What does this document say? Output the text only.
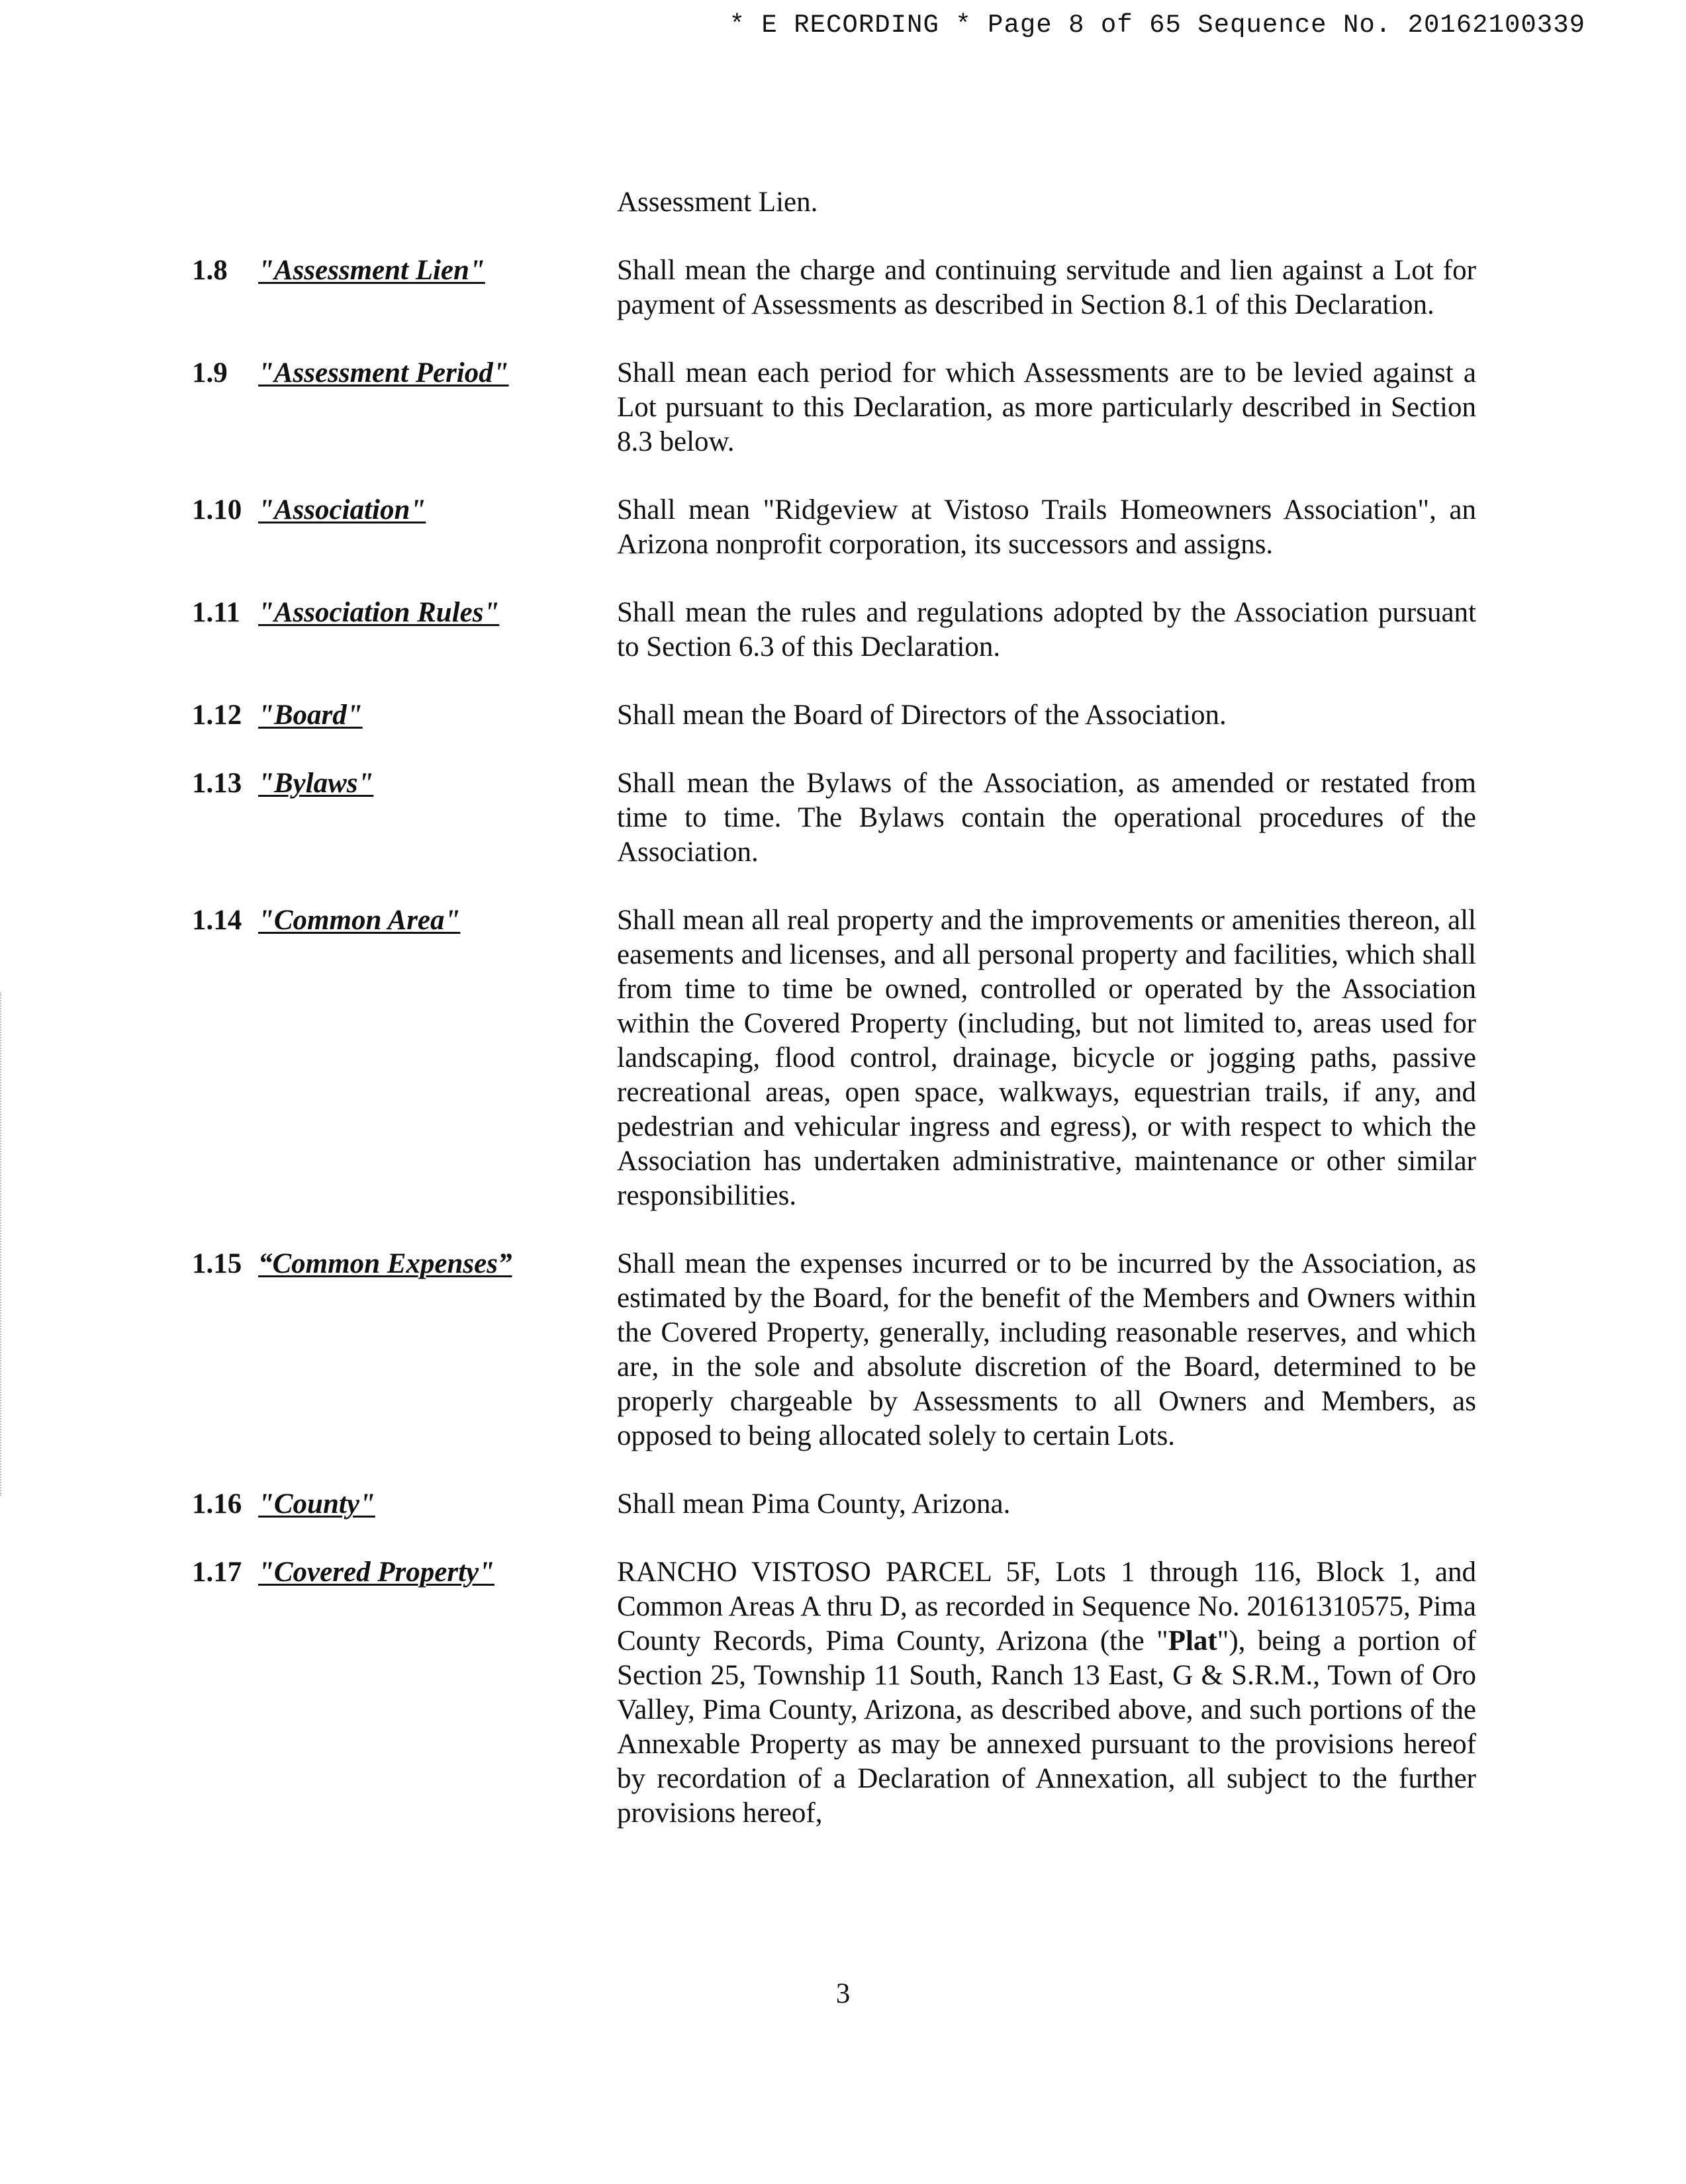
* E RECORDING * Page 8 of 65 Sequence No. 20162100339
Assessment Lien.
1.8 "Assessment Lien"	Shall mean the charge and continuing servitude and lien against a Lot for payment of Assessments as described in Section 8.1 of this Declaration.
1.9 "Assessment Period"	Shall mean each period for which Assessments are to be levied against a Lot pursuant to this Declaration, as more particularly described in Section 8.3 below.
1.10 "Association"	Shall mean "Ridgeview at Vistoso Trails Homeowners Association", an Arizona nonprofit corporation, its successors and assigns.
1.11 "Association Rules"	Shall mean the rules and regulations adopted by the Association pursuant to Section 6.3 of this Declaration.
1.12 "Board"	Shall mean the Board of Directors of the Association.
1.13 "Bylaws"	Shall mean the Bylaws of the Association, as amended or restated from time to time. The Bylaws contain the operational procedures of the Association.
1.14 "Common Area"	Shall mean all real property and the improvements or amenities thereon, all easements and licenses, and all personal property and facilities, which shall from time to time be owned, controlled or operated by the Association within the Covered Property (including, but not limited to, areas used for landscaping, flood control, drainage, bicycle or jogging paths, passive recreational areas, open space, walkways, equestrian trails, if any, and pedestrian and vehicular ingress and egress), or with respect to which the Association has undertaken administrative, maintenance or other similar responsibilities.
1.15 “Common Expenses”	Shall mean the expenses incurred or to be incurred by the Association, as estimated by the Board, for the benefit of the Members and Owners within the Covered Property, generally, including reasonable reserves, and which are, in the sole and absolute discretion of the Board, determined to be properly chargeable by Assessments to all Owners and Members, as opposed to being allocated solely to certain Lots.
1.16 "County"	Shall mean Pima County, Arizona.
1.17 "Covered Property"	RANCHO VISTOSO PARCEL 5F, Lots 1 through 116, Block 1, and Common Areas A thru D, as recorded in Sequence No. 20161310575, Pima County Records, Pima County, Arizona (the "Plat"), being a portion of Section 25, Township 11 South, Ranch 13 East, G & S.R.M., Town of Oro Valley, Pima County, Arizona, as described above, and such portions of the Annexable Property as may be annexed pursuant to the provisions hereof by recordation of a Declaration of Annexation, all subject to the further provisions hereof,
3
